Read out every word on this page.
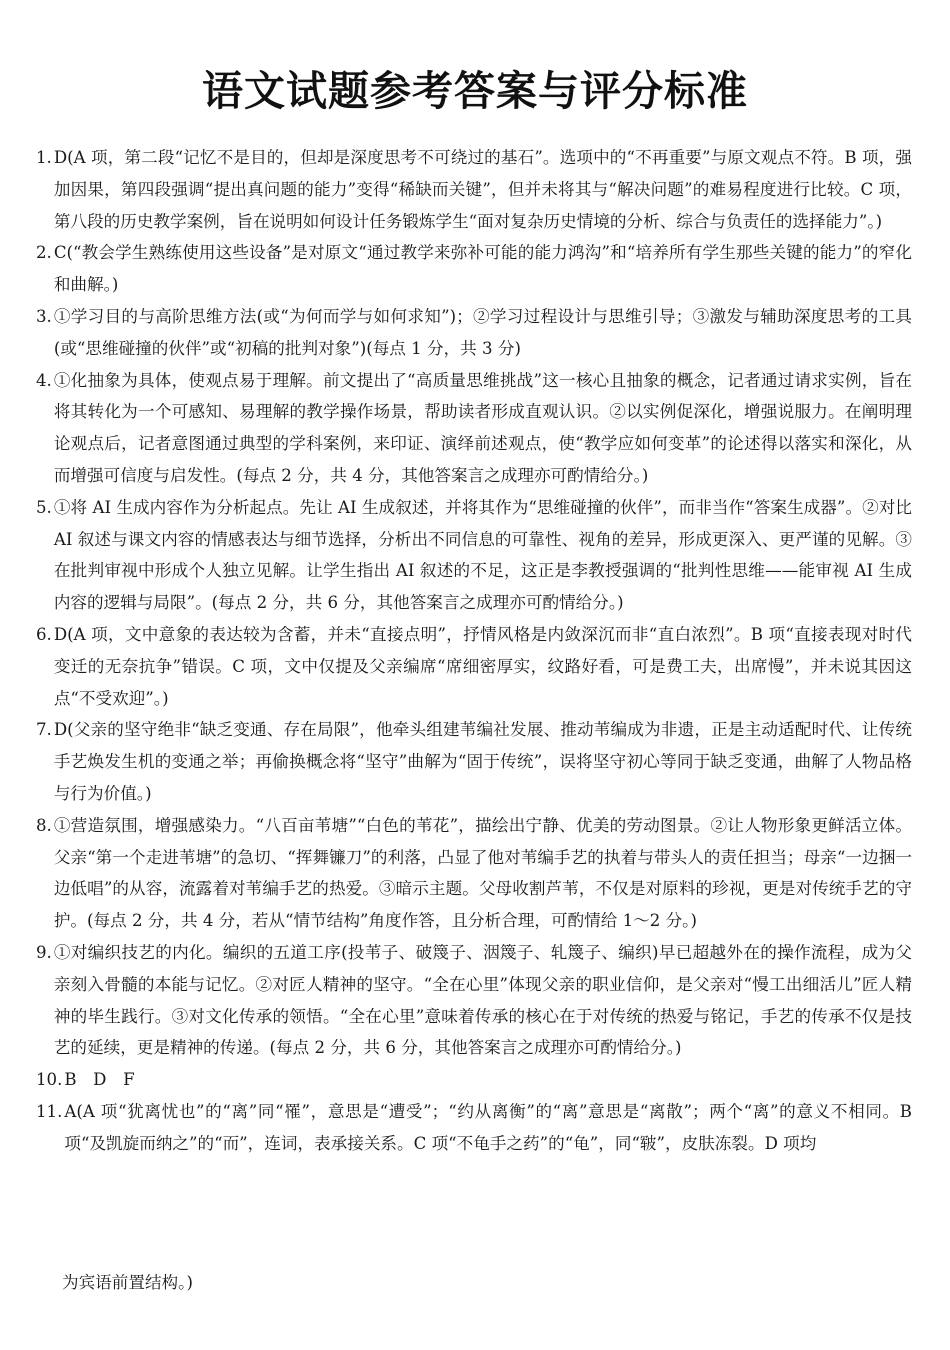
语文试题参考答案与评分标准
1. D(A 项，第二段“记忆不是目的，但却是深度思考不可绕过的基石”。选项中的“不再重要”与原文观点不符。B 项，强加因果，第四段强调“提出真问题的能力”变得“稀缺而关键”，但并未将其与“解决问题”的难易程度进行比较。C 项，第八段的历史教学案例，旨在说明如何设计任务锻炼学生“面对复杂历史情境的分析、综合与负责任的选择能力”。)
2. C(“教会学生熟练使用这些设备”是对原文“通过教学来弥补可能的能力鸿沟”和“培养所有学生那些关键的能力”的窄化和曲解。)
3. ①学习目的与高阶思维方法(或“为何而学与如何求知”)；②学习过程设计与思维引导；③激发与辅助深度思考的工具(或“思维碰撞的伙伴”或“初稿的批判对象”)(每点 1 分，共 3 分)
4. ①化抽象为具体，使观点易于理解。前文提出了“高质量思维挑战”这一核心且抽象的概念，记者通过请求实例，旨在将其转化为一个可感知、易理解的教学操作场景，帮助读者形成直观认识。②以实例促深化，增强说服力。在阐明理论观点后，记者意图通过典型的学科案例，来印证、演绎前述观点，使“教学应如何变革”的论述得以落实和深化，从而增强可信度与启发性。(每点 2 分，共 4 分，其他答案言之成理亦可酌情给分。)
5. ①将 AI 生成内容作为分析起点。先让 AI 生成叙述，并将其作为“思维碰撞的伙伴”，而非当作“答案生成器”。②对比 AI 叙述与课文内容的情感表达与细节选择，分析出不同信息的可靠性、视角的差异，形成更深入、更严谨的见解。③在批判审视中形成个人独立见解。让学生指出 AI 叙述的不足，这正是李教授强调的“批判性思维——能审视 AI 生成内容的逻辑与局限”。(每点 2 分，共 6 分，其他答案言之成理亦可酌情给分。)
6. D(A 项，文中意象的表达较为含蓄，并未“直接点明”，抒情风格是内敛深沉而非“直白浓烈”。B 项“直接表现对时代变迁的无奈抗争”错误。C 项，文中仅提及父亲编席“席细密厚实，纹路好看，可是费工夫，出席慢”，并未说其因这点“不受欢迎”。)
7. D(父亲的坚守绝非“缺乏变通、存在局限”，他牵头组建苇编社发展、推动苇编成为非遗，正是主动适配时代、让传统手艺焕发生机的变通之举；再偷换概念将“坚守”曲解为“固于传统”，误将坚守初心等同于缺乏变通，曲解了人物品格与行为价值。)
8. ①营造氛围，增强感染力。“八百亩苇塘”“白色的苇花”，描绘出宁静、优美的劳动图景。②让人物形象更鲜活立体。父亲“第一个走进苇塘”的急切、“挥舞镰刀”的利落，凸显了他对苇编手艺的执着与带头人的责任担当；母亲“一边捆一边低唱”的从容，流露着对苇编手艺的热爱。③暗示主题。父母收割芦苇，不仅是对原料的珍视，更是对传统手艺的守护。(每点 2 分，共 4 分，若从“情节结构”角度作答，且分析合理，可酌情给 1～2 分。)
9. ①对编织技艺的内化。编织的五道工序(投苇子、破篾子、洇篾子、轧篾子、编织)早已超越外在的操作流程，成为父亲刻入骨髓的本能与记忆。②对匠人精神的坚守。“全在心里”体现父亲的职业信仰，是父亲对“慢工出细活儿”匠人精神的毕生践行。③对文化传承的领悟。“全在心里”意味着传承的核心在于对传统的热爱与铭记，手艺的传承不仅是技艺的延续，更是精神的传递。(每点 2 分，共 6 分，其他答案言之成理亦可酌情给分。)
10. B　D　F
11. A(A 项“犹离忧也”的“离”同“罹”，意思是“遭受”；“约从离衡”的“离”意思是“离散”；两个“离”的意义不相同。B 项“及凯旋而纳之”的“而”，连词，表承接关系。C 项“不龟手之药”的“龟”，同“皲”，皮肤冻裂。D 项均
为宾语前置结构。)
